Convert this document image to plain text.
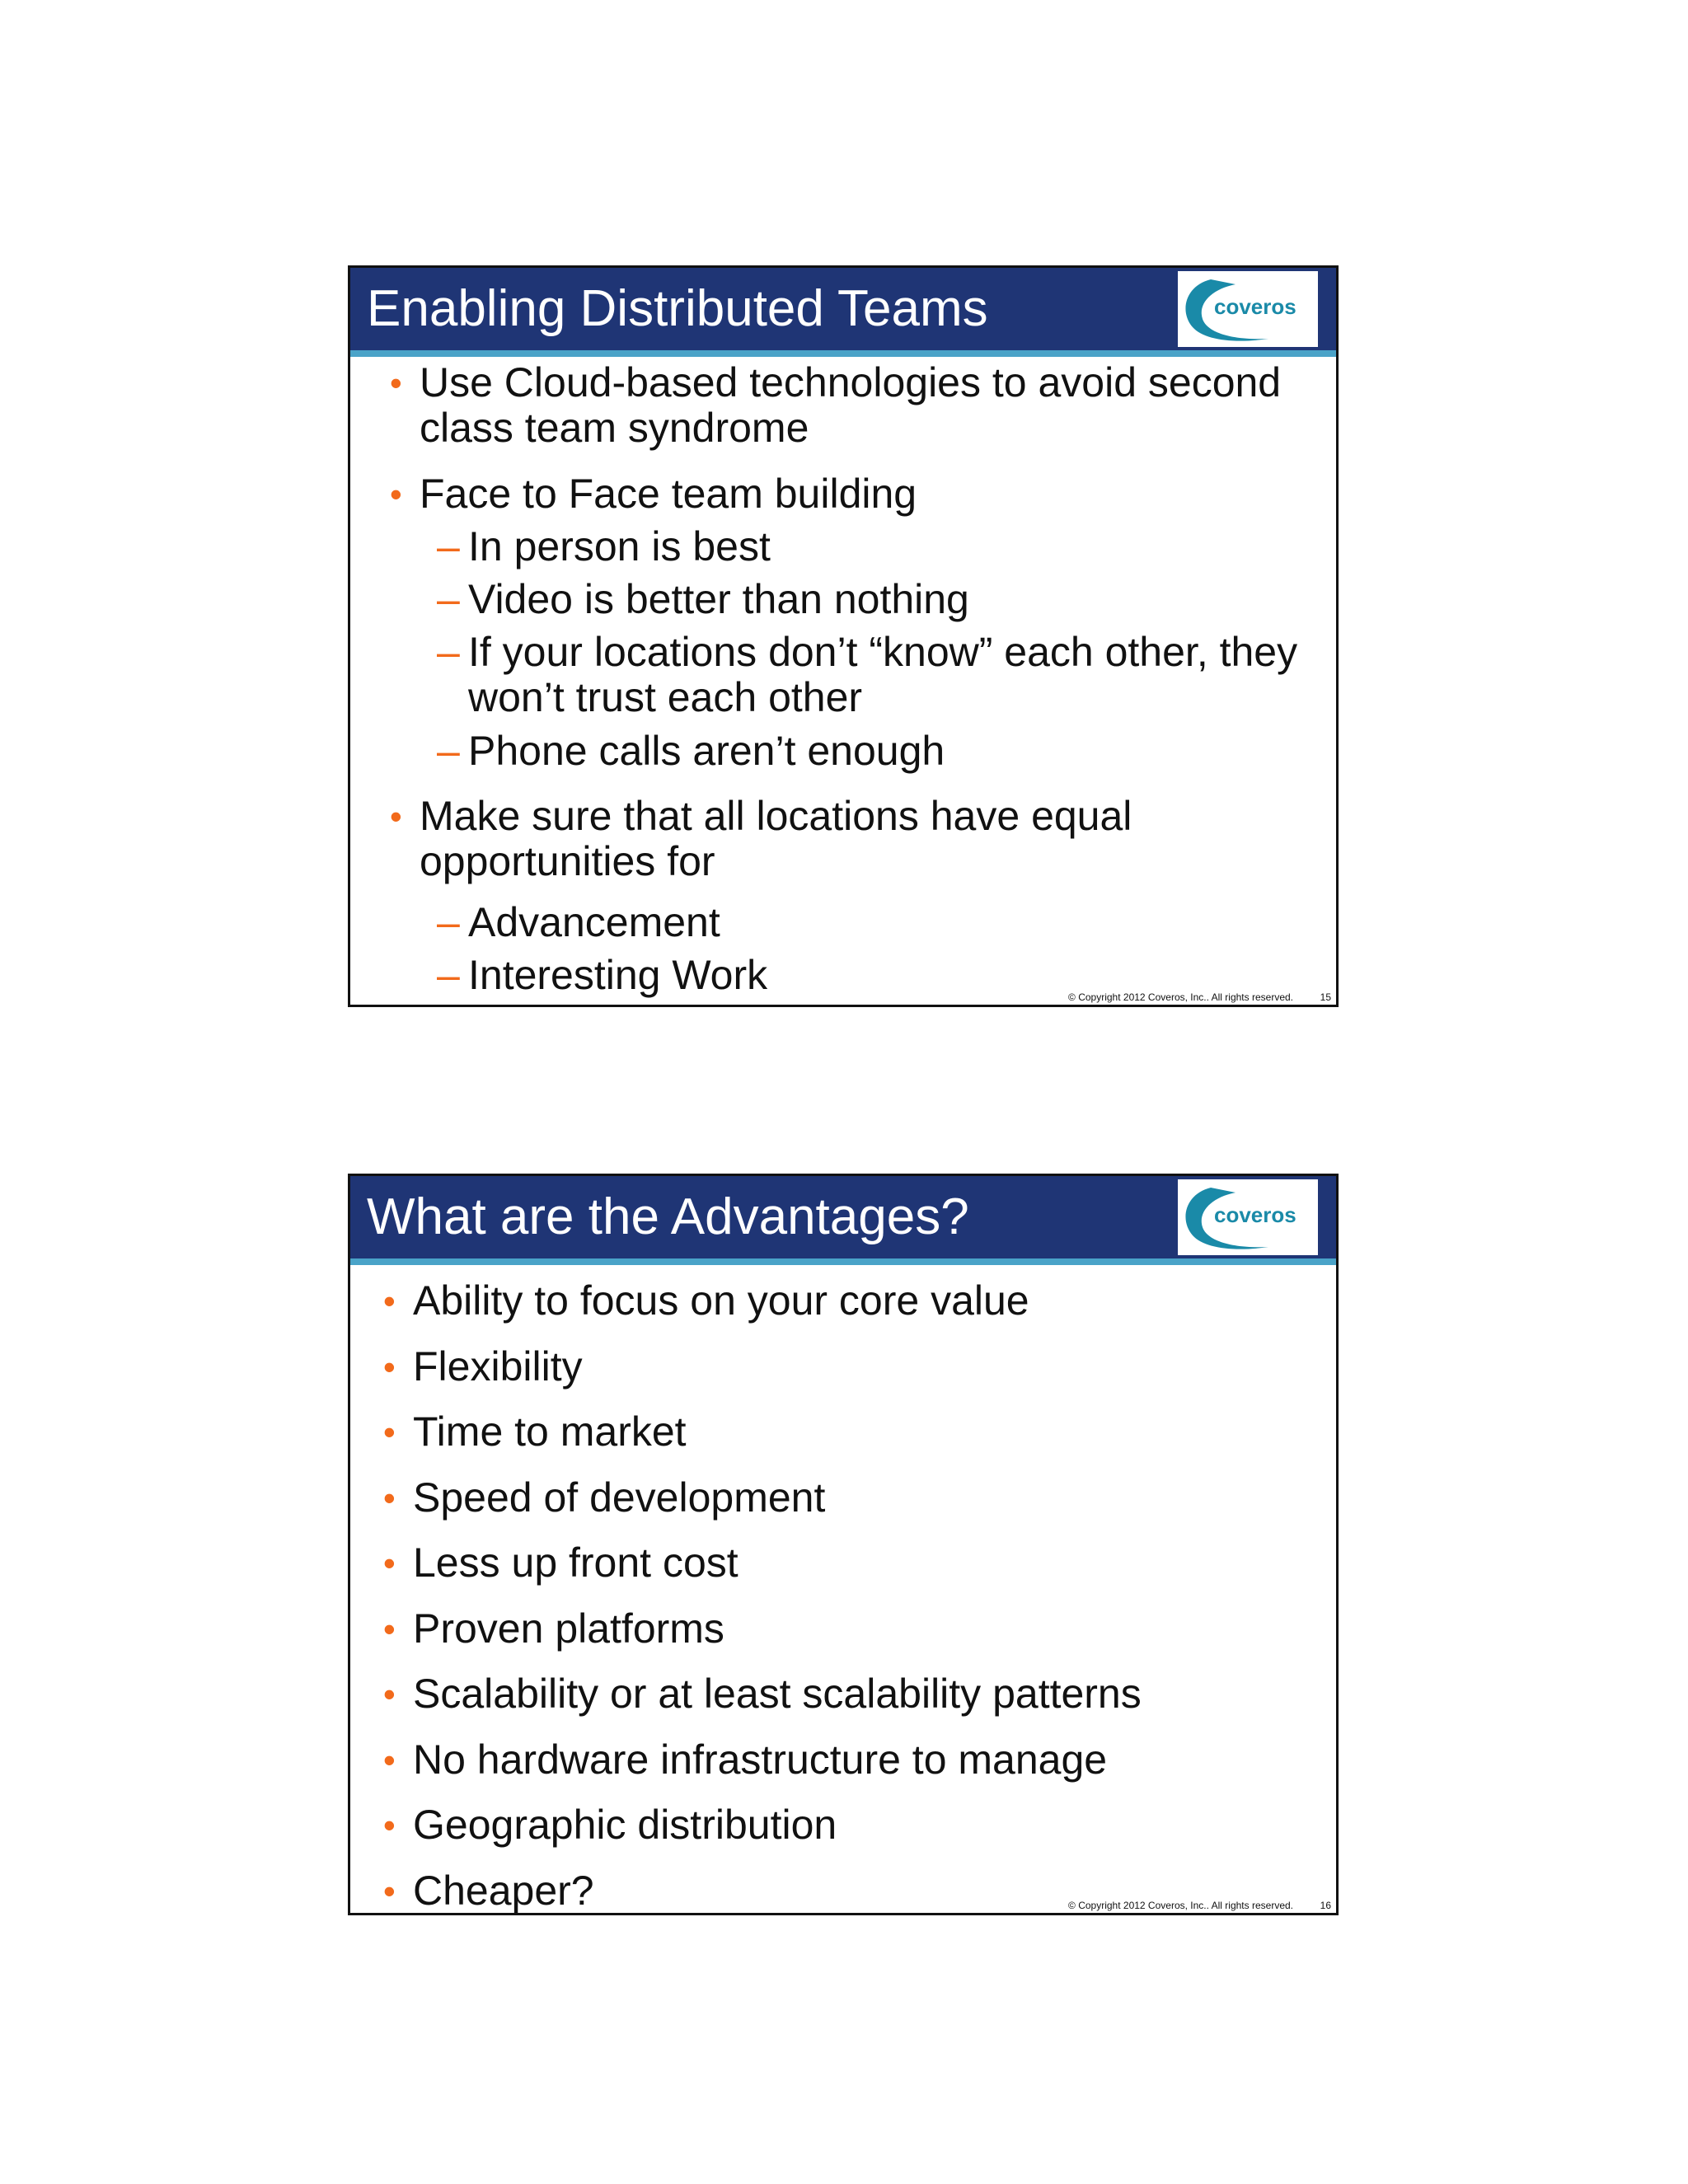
Enabling Distributed Teams	coveros
• Use Cloud-based technologies to avoid second class team syndrome
• Face to Face team building
– In person is best
– Video is better than nothing
– If your locations don’t “know” each other, they won’t trust each other
– Phone calls aren’t enough
• Make sure that all locations have equal opportunities for
– Advancement
– Interesting Work	© Copyright 2012 Coveros, Inc.. All rights reserved.	15
What are the Advantages?	coveros
• Ability to focus on your core value
• Flexibility
• Time to market
• Speed of development
• Less up front cost
• Proven platforms
• Scalability or at least scalability patterns
• No hardware infrastructure to manage
• Geographic distribution
• Cheaper?	© Copyright 2012 Coveros, Inc.. All rights reserved.	16
